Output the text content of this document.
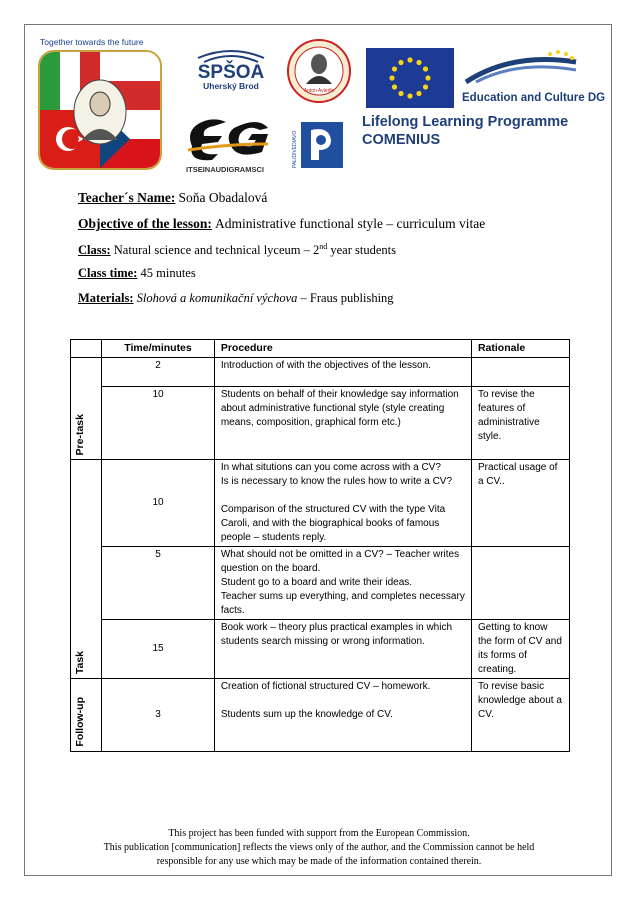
Together towards the future
SPŠOA
Uherský Brod	Anton Aylerlle
Education and Culture DG
ITSEINAUDIGRAMSCI
PALIDIVEDIAVO
Lifelong Learning Programme
COMENIUS
Teacher´s Name: Soňa Obadalová
Objective of the lesson: Administrative functional style – curriculum vitae
Class: Natural science and technical lyceum – 2nd year students
Class time: 45 minutes
Materials: Slohová a komunikační výchova – Fraus publishing
	Time/minutes	Procedure	Rationale

Pre-task	2	Introduction of with the objectives of the lesson.	
	10	Students on behalf of their knowledge say information about administrative functional style (style creating means, composition, graphical form etc.)	To revise the features of administrative style.

Task	10	In what situtions can you come across with a CV?
Is is necessary to know the rules how to write a CV?
Comparison of the structured CV with the type Vita Caroli, and with the biographical books of famous people – students reply.	Practical usage of a CV..
	5	What should not be omitted in a CV? – Teacher writes question on the board.
Student go to a board and write their ideas.
Teacher sums up everything, and completes necessary facts.	

	15	Book work – theory plus practical examples in which students search missing or wrong information.	Getting to know the form of CV and its forms of creating.

Follow-up	3	Creation of fictional structured CV – homework.
Students sum up the knowledge of CV.	To revise basic knowledge about a CV.
This project has been funded with support from the European Commission.
This publication [communication] reflects the views only of the author, and the Commission cannot be held
responsible for any use which may be made of the information contained therein.
